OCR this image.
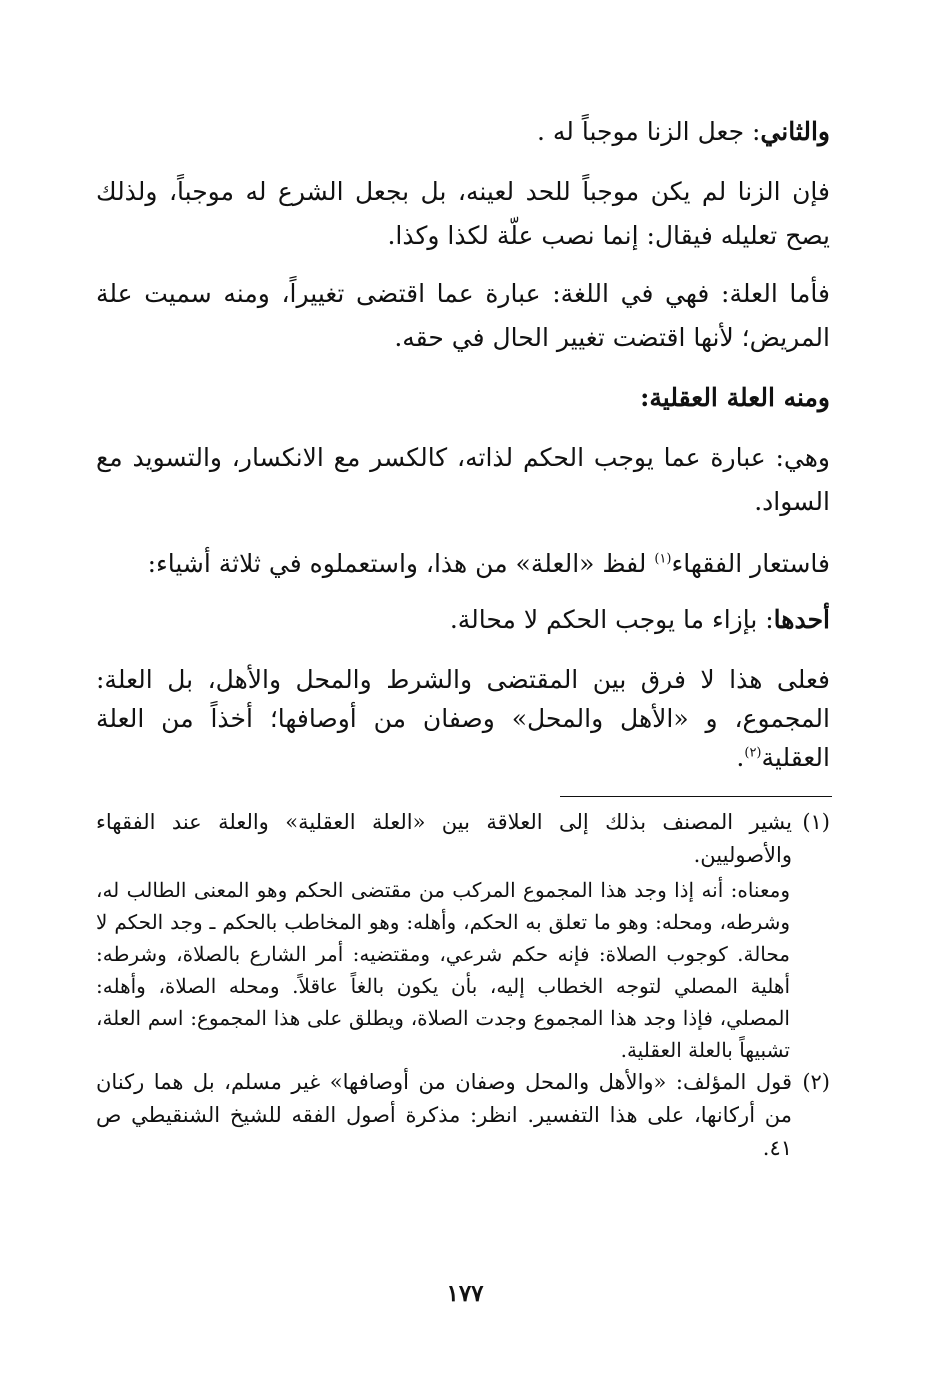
والثاني: جعل الزنا موجباً له .

فإن الزنا لم يكن موجباً للحد لعينه، بل بجعل الشرع له موجباً، ولذلك يصح تعليله فيقال: إنما نصب علّة لكذا وكذا.

فأما العلة: فهي في اللغة: عبارة عما اقتضى تغييراً، ومنه سميت علة المريض؛ لأنها اقتضت تغيير الحال في حقه.

ومنه العلة العقلية:

وهي: عبارة عما يوجب الحكم لذاته، كالكسر مع الانكسار، والتسويد مع السواد.

فاستعار الفقهاء$^{(١)}$ لفظ «العلة» من هذا، واستعملوه في ثلاثة أشياء:

أحدها: بإزاء ما يوجب الحكم لا محالة.

فعلى هذا لا فرق بين المقتضى والشرط والمحل والأهل، بل العلة: المجموع، و «الأهل والمحل» وصفان من أوصافها؛ أخذاً من العلة العقلية$^{(٢)}$.

(١)
يشير المصنف بذلك إلى العلاقة بين «العلة العقلية» والعلة عند الفقهاء والأصوليين.
ومعناه: أنه إذا وجد هذا المجموع المركب من مقتضى الحكم وهو المعنى الطالب له، وشرطه، ومحله: وهو ما تعلق به الحكم، وأهله: وهو المخاطب بالحكم ـ وجد الحكم لا محالة. كوجوب الصلاة: فإنه حكم شرعي، ومقتضيه: أمر الشارع بالصلاة، وشرطه: أهلية المصلي لتوجه الخطاب إليه، بأن يكون بالغاً عاقلاً. ومحله الصلاة، وأهله: المصلي، فإذا وجد هذا المجموع وجدت الصلاة، ويطلق على هذا المجموع: اسم العلة، تشبيهاً بالعلة العقلية.
(٢)
قول المؤلف: «والأهل والمحل وصفان من أوصافها» غير مسلم، بل هما ركنان من أركانها، على هذا التفسير. انظر: مذكرة أصول الفقه للشيخ الشنقيطي ص ٤١.
١٧٧
